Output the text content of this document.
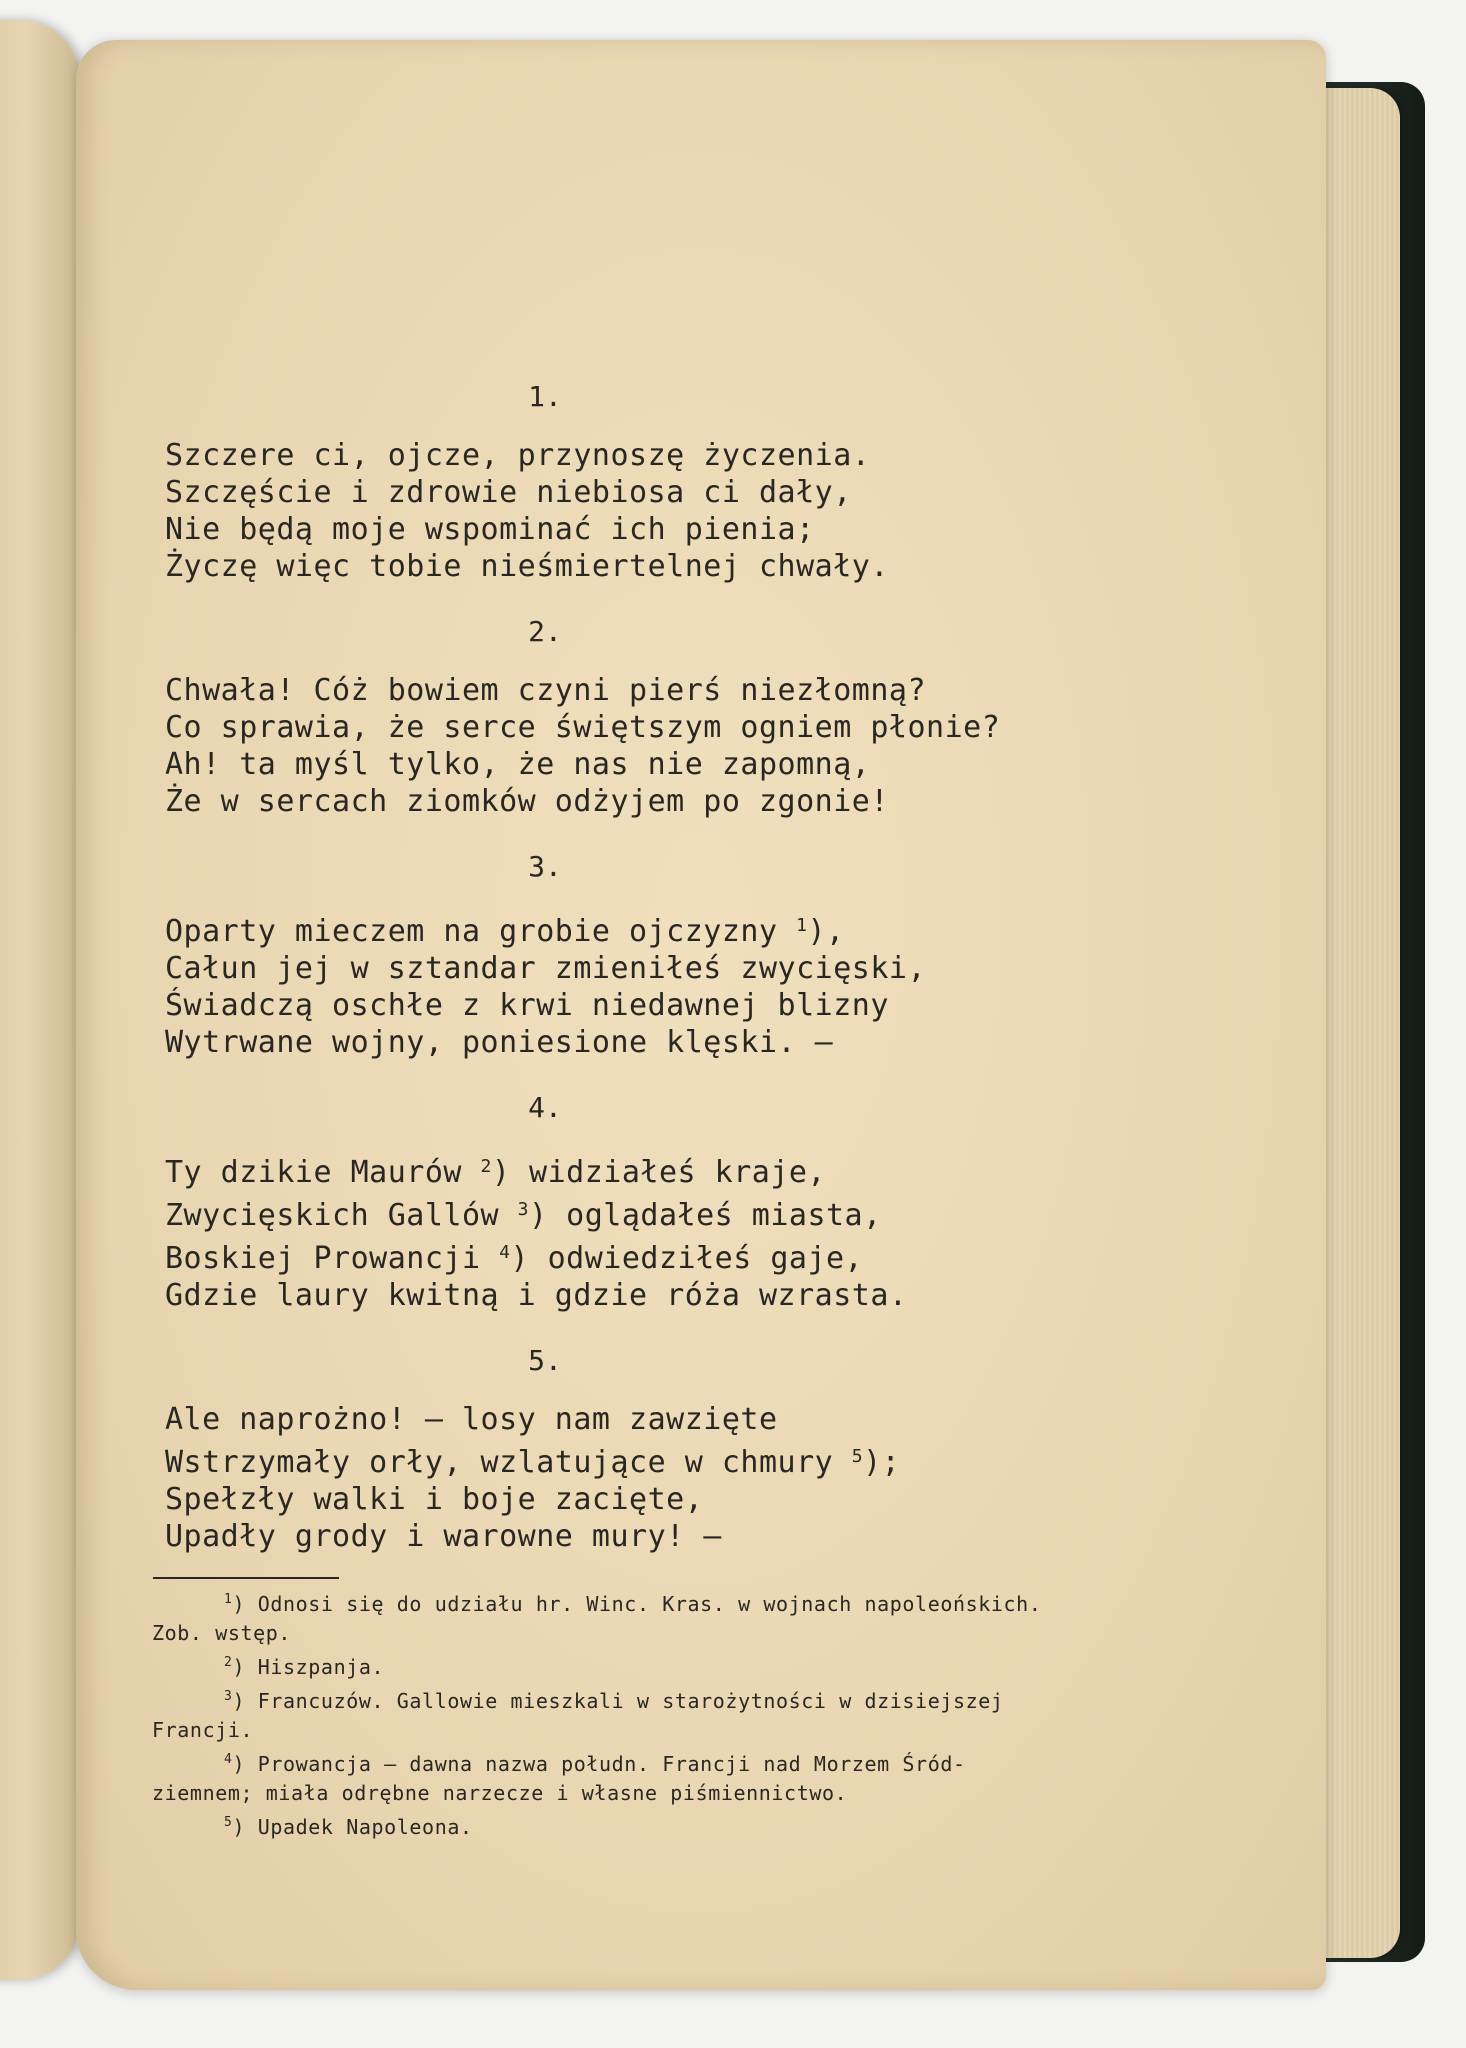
1.
Szczere ci, ojcze, przynoszę życzenia.
Szczęście i zdrowie niebiosa ci dały,
Nie będą moje wspominać ich pienia;
Życzę więc tobie nieśmiertelnej chwały.
2.
Chwała! Cóż bowiem czyni pierś niezłomną?
Co sprawia, że serce świętszym ogniem płonie?
Ah! ta myśl tylko, że nas nie zapomną,
Że w sercach ziomków odżyjem po zgonie!
3.
Oparty mieczem na grobie ojczyzny $^1$),
Całun jej w sztandar zmieniłeś zwycięski,
Świadczą oschłe z krwi niedawnej blizny
Wytrwane wojny, poniesione klęski. —
4.
Ty dzikie Maurów $^2$) widziałeś kraje,
Zwycięskich Gallów $^3$) oglądałeś miasta,
Boskiej Prowancji $^4$) odwiedziłeś gaje,
Gdzie laury kwitną i gdzie róża wzrasta.
5.
Ale naprożno! — losy nam zawzięte
Wstrzymały orły, wzlatujące w chmury $^5$);
Spełzły walki i boje zacięte,
Upadły grody i warowne mury! —
$^1$) Odnosi się do udziału hr. Winc. Kras. w wojnach napoleońskich.
Zob. wstęp.
$^2$) Hiszpanja.
$^3$) Francuzów. Gallowie mieszkali w starożytności w dzisiejszej
Francji.
$^4$) Prowancja — dawna nazwa połudn. Francji nad Morzem Śród-
ziemnem; miała odrębne narzecze i własne piśmiennictwo.
$^5$) Upadek Napoleona.
